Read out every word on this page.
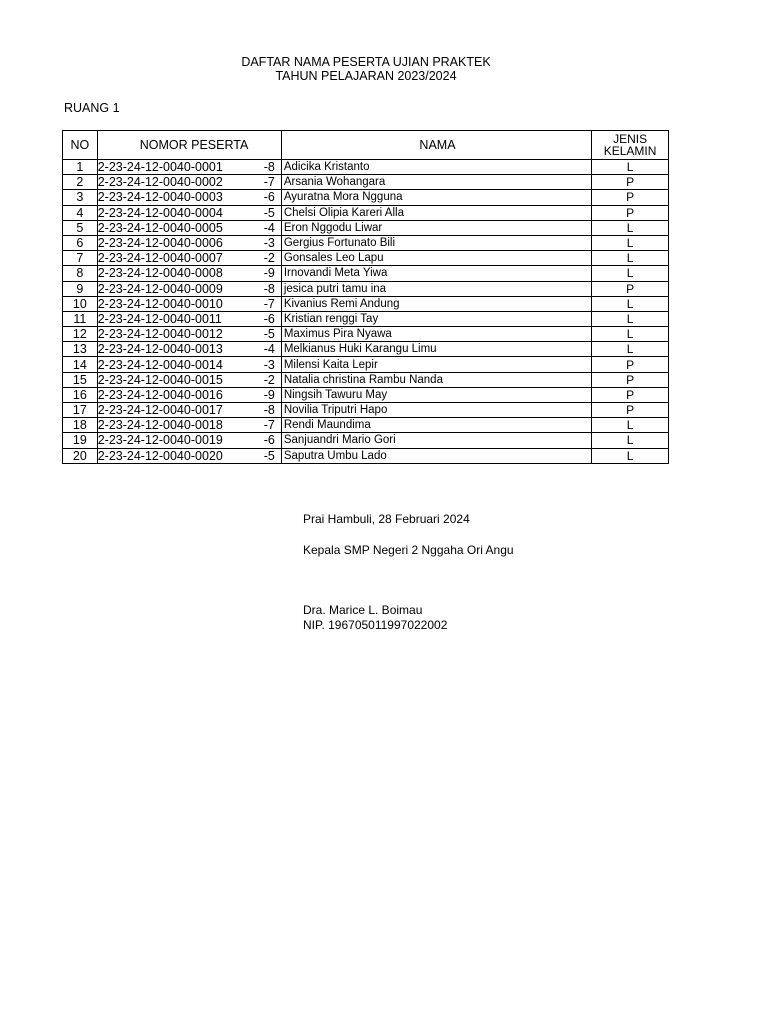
DAFTAR NAMA PESERTA UJIAN PRAKTEK
TAHUN PELAJARAN 2023/2024
RUANG 1
NO	NOMOR PESERTA		NAMA	JENIS
KELAMIN
1	2-23-24-12-0040-0001	-8	Adicika Kristanto	L
2	2-23-24-12-0040-0002	-7	Arsania Wohangara	P
3	2-23-24-12-0040-0003	-6	Ayuratna Mora Ngguna	P
4	2-23-24-12-0040-0004	-5	Chelsi Olipia Kareri Alla	P
5	2-23-24-12-0040-0005	-4	Eron Nggodu Liwar	L
6	2-23-24-12-0040-0006	-3	Gergius Fortunato Bili	L
7	2-23-24-12-0040-0007	-2	Gonsales Leo Lapu	L
8	2-23-24-12-0040-0008	-9	Irnovandi Meta Yiwa	L
9	2-23-24-12-0040-0009	-8	jesica putri tamu ina	P
10	2-23-24-12-0040-0010	-7	Kivanius Remi Andung	L
11	2-23-24-12-0040-0011	-6	Kristian renggi Tay	L
12	2-23-24-12-0040-0012	-5	Maximus Pira Nyawa	L
13	2-23-24-12-0040-0013	-4	Melkianus Huki Karangu Limu	L
14	2-23-24-12-0040-0014	-3	Milensi Kaita Lepir	P
15	2-23-24-12-0040-0015	-2	Natalia christina Rambu Nanda	P
16	2-23-24-12-0040-0016	-9	Ningsih Tawuru May	P
17	2-23-24-12-0040-0017	-8	Novilia Triputri Hapo	P
18	2-23-24-12-0040-0018	-7	Rendi Maundima	L
19	2-23-24-12-0040-0019	-6	Sanjuandri Mario Gori	L
20	2-23-24-12-0040-0020	-5	Saputra Umbu Lado	L
Prai Hambuli, 28 Februari 2024
Kepala SMP Negeri 2 Nggaha Ori Angu
Dra. Marice L. Boimau
NIP. 196705011997022002
